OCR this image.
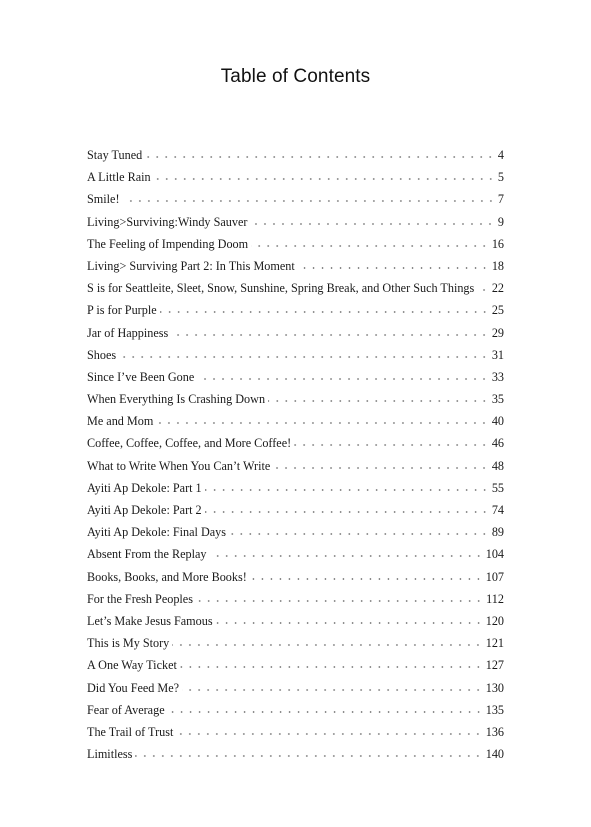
Table of Contents
Stay Tuned	4
A Little Rain	5
Smile!	7
Living>Surviving:Windy Sauver	9
The Feeling of Impending Doom	16
Living> Surviving Part 2: In This Moment	18
S is for Seattleite, Sleet, Snow, Sunshine, Spring Break, and Other Such Things 22
P is for Purple	25
Jar of Happiness	29
Shoes	31
Since I’ve Been Gone	33
When Everything Is Crashing Down	35
Me and Mom	40
Coffee, Coffee, Coffee, and More Coffee!	46
What to Write When You Can’t Write	48
Ayiti Ap Dekole: Part 1	55
Ayiti Ap Dekole: Part 2	74
Ayiti Ap Dekole: Final Days	89
Absent From the Replay	104
Books, Books, and More Books!	107
For the Fresh Peoples	112
Let’s Make Jesus Famous	120
This is My Story	121
A One Way Ticket	127
Did You Feed Me?	130
Fear of Average	135
The Trail of Trust	136
Limitless	140
